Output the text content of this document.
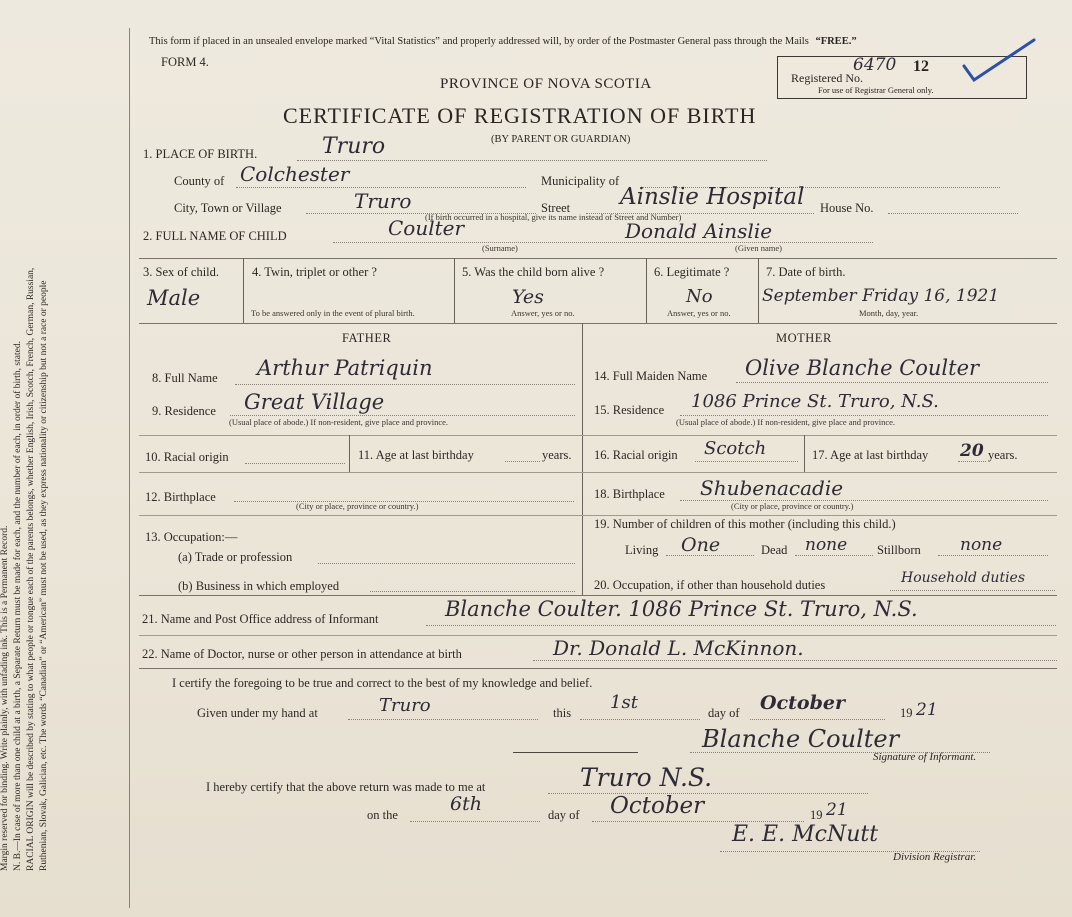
Margin reserved for binding. Write plainly, with unfading ink. This is a Permanent Record. N. B.—In case of more than one child at a birth, a Separate Return must be made for each, and the number of each, in order of birth, stated. RACIAL ORIGIN will be described by stating to what people or tongue each of the parents belongs, whether English, Irish, Scotch, French, German, Russian, Ruthenian, Slovak, Galician, etc. The words “Canadian” or “American” must not be used, as they express nationality or citizenship but not a race or people
This form if placed in an unsealed envelope marked “Vital Statistics” and properly addressed will, by order of the Postmaster General pass through the Mails “FREE.”
FORM 4.
PROVINCE OF NOVA SCOTIA
CERTIFICATE OF REGISTRATION OF BIRTH
(BY PARENT OR GUARDIAN)
Registered No.
6470 12
For use of Registrar General only.
1. PLACE OF BIRTH.	Truro
County of Colchester	Municipality of
City, Town or Village	Truro	Street Ainslie Hospital House No.
(If birth occurred in a hospital, give its name instead of Street and Number)
2. FULL NAME OF CHILD	Coulter	Donald Ainslie
(Surname)	(Given name)
3. Sex of child.
Male
4. Twin, triplet or other ?
To be answered only in the event of plural birth.
5. Was the child born alive ?
Yes
Answer, yes or no.
6. Legitimate ?
No
Answer, yes or no.
7. Date of birth.
September Friday 16, 1921
Month, day, year.
FATHER	MOTHER
8. Full Name Arthur Patriquin
9. Residence Great Village
(Usual place of abode.) If non-resident, give place and province.
10. Racial origin	11. Age at last birthday	years.
12. Birthplace
(City or place, province or country.)
13. Occupation:—
(a) Trade or profession
(b) Business in which employed
14. Full Maiden Name Olive Blanche Coulter
15. Residence 1086 Prince St. Truro, N.S.
(Usual place of abode.) If non-resident, give place and province.
16. Racial origin Scotch	17. Age at last birthday 20 years.
18. Birthplace Shubenacadie
(City or place, province or country.)
19. Number of children of this mother (including this child.)
Living One	Dead none Stillborn none
20. Occupation, if other than household duties	Household duties
21. Name and Post Office address of Informant	Blanche Coulter. 1086 Prince St. Truro, N.S.
22. Name of Doctor, nurse or other person in attendance at birth	Dr. Donald L. McKinnon.
I certify the foregoing to be true and correct to the best of my knowledge and belief.
Given under my hand at	Truro	this 1st	day of October	19 21
Blanche Coulter
Signature of Informant.
I hereby certify that the above return was made to me at	Truro N.S.
on the	6th	day of October	19 21
E. E. McNutt
Division Registrar.
